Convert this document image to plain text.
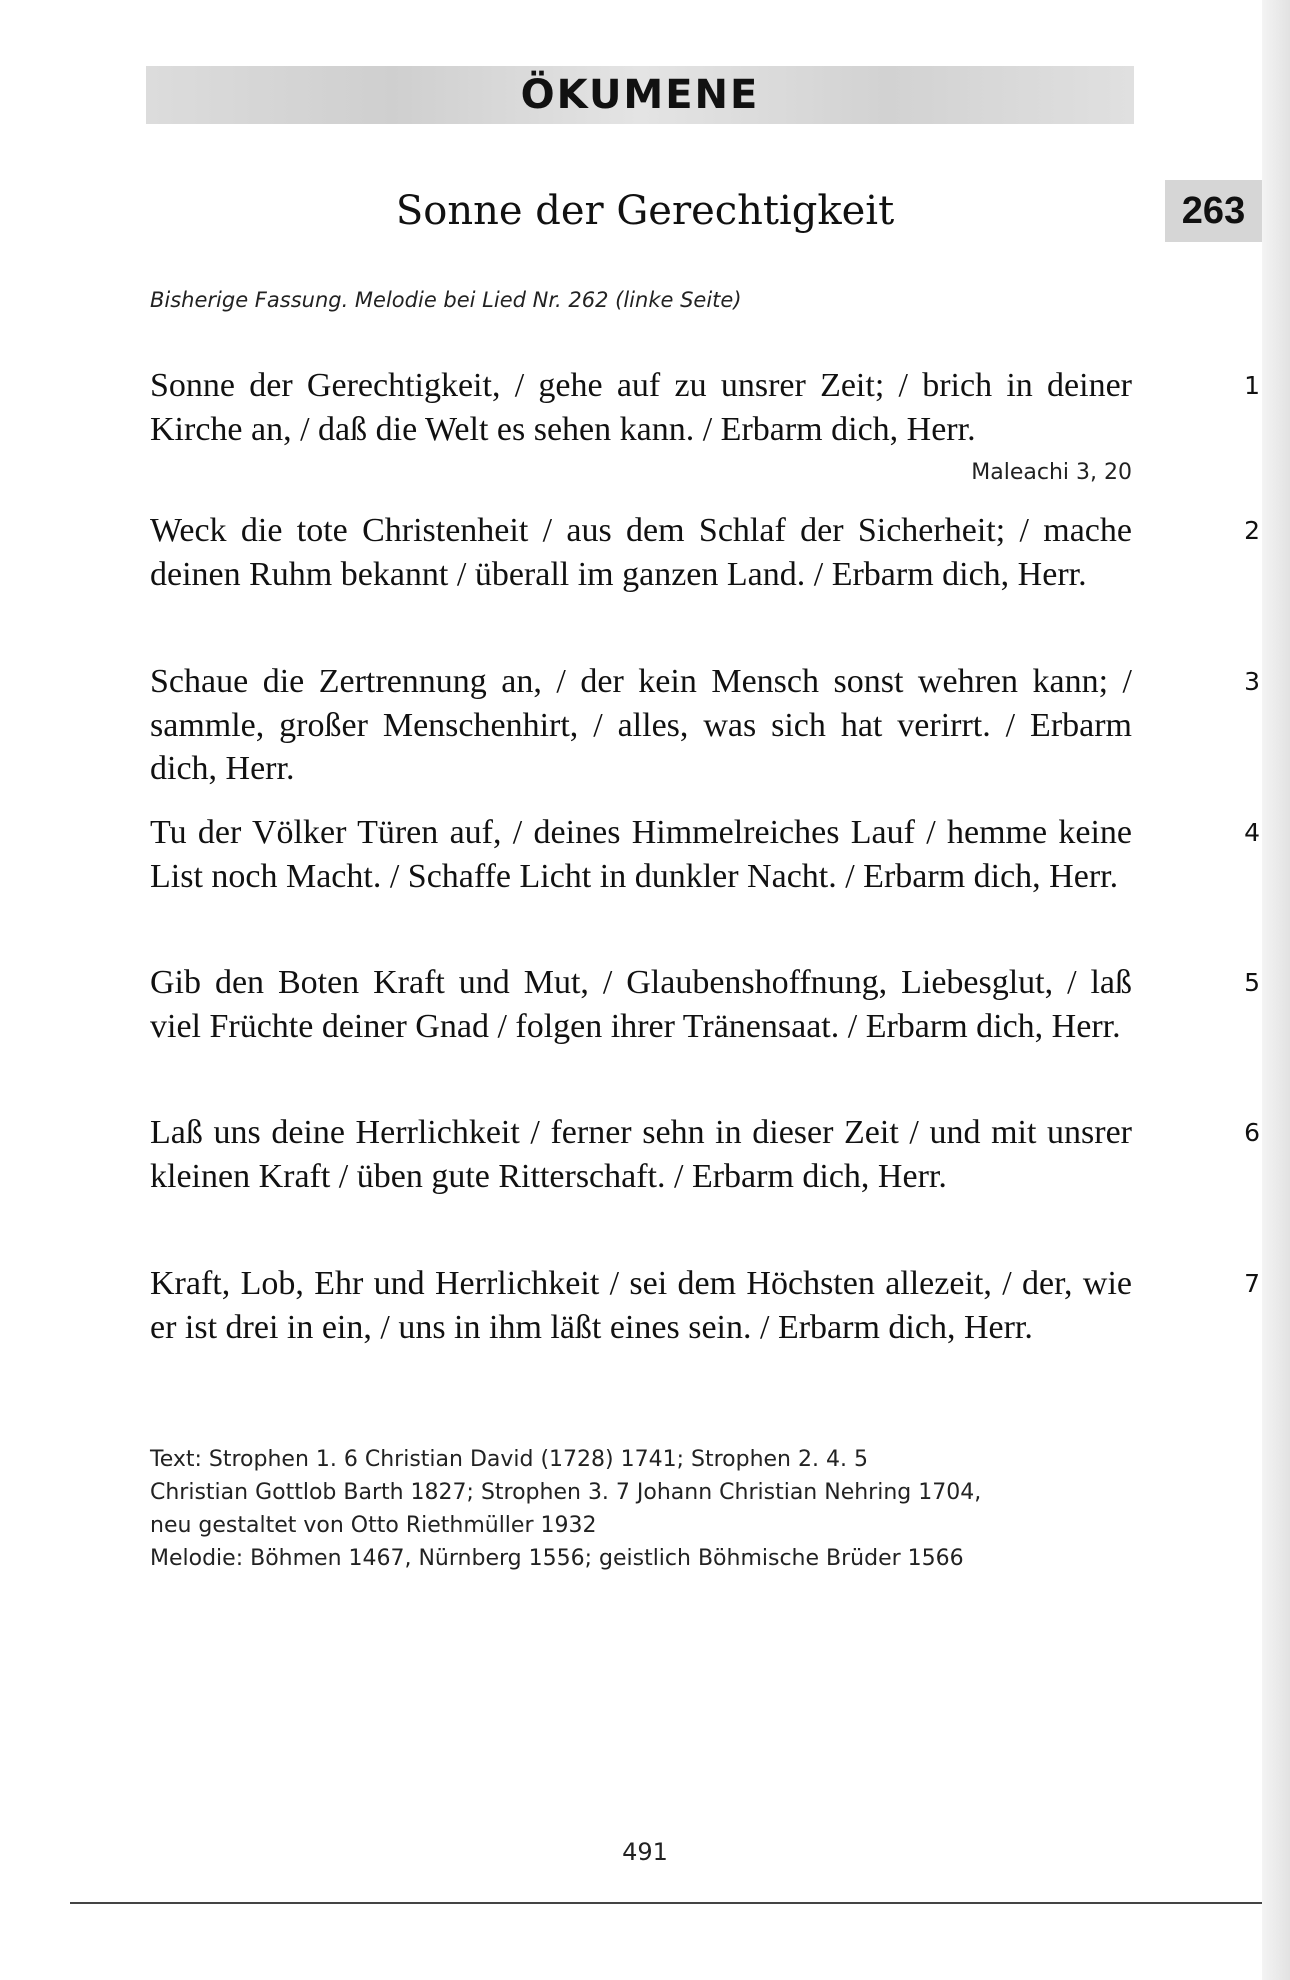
ÖKUMENE
Sonne der Gerechtigkeit	263
Bisherige Fassung. Melodie bei Lied Nr. 262 (linke Seite)
Sonne der Gerechtigkeit, / gehe auf zu unsrer Zeit; / brich in deiner Kirche an, / daß die Welt es sehen kann. / Erbarm dich, Herr.
1
Maleachi 3, 20
Weck die tote Christenheit / aus dem Schlaf der Sicherheit; / mache deinen Ruhm bekannt / überall im ganzen Land. / Erbarm dich, Herr.
2
Schaue die Zertrennung an, / der kein Mensch sonst wehren kann; / sammle, großer Menschenhirt, / alles, was sich hat verirrt. / Erbarm dich, Herr.
3
Tu der Völker Türen auf, / deines Himmelreiches Lauf / hemme keine List noch Macht. / Schaffe Licht in dunkler Nacht. / Erbarm dich, Herr.
4
Gib den Boten Kraft und Mut, / Glaubenshoffnung, Liebesglut, / laß viel Früchte deiner Gnad / folgen ihrer Tränensaat. / Erbarm dich, Herr.
5
Laß uns deine Herrlichkeit / ferner sehn in dieser Zeit / und mit unsrer kleinen Kraft / üben gute Ritterschaft. / Erbarm dich, Herr.
6
Kraft, Lob, Ehr und Herrlichkeit / sei dem Höchsten allezeit, / der, wie er ist drei in ein, / uns in ihm läßt eines sein. / Erbarm dich, Herr.
7
Text: Strophen 1. 6 Christian David (1728) 1741; Strophen 2. 4. 5
Christian Gottlob Barth 1827; Strophen 3. 7 Johann Christian Nehring 1704,
neu gestaltet von Otto Riethmüller 1932
Melodie: Böhmen 1467, Nürnberg 1556; geistlich Böhmische Brüder 1566
491
